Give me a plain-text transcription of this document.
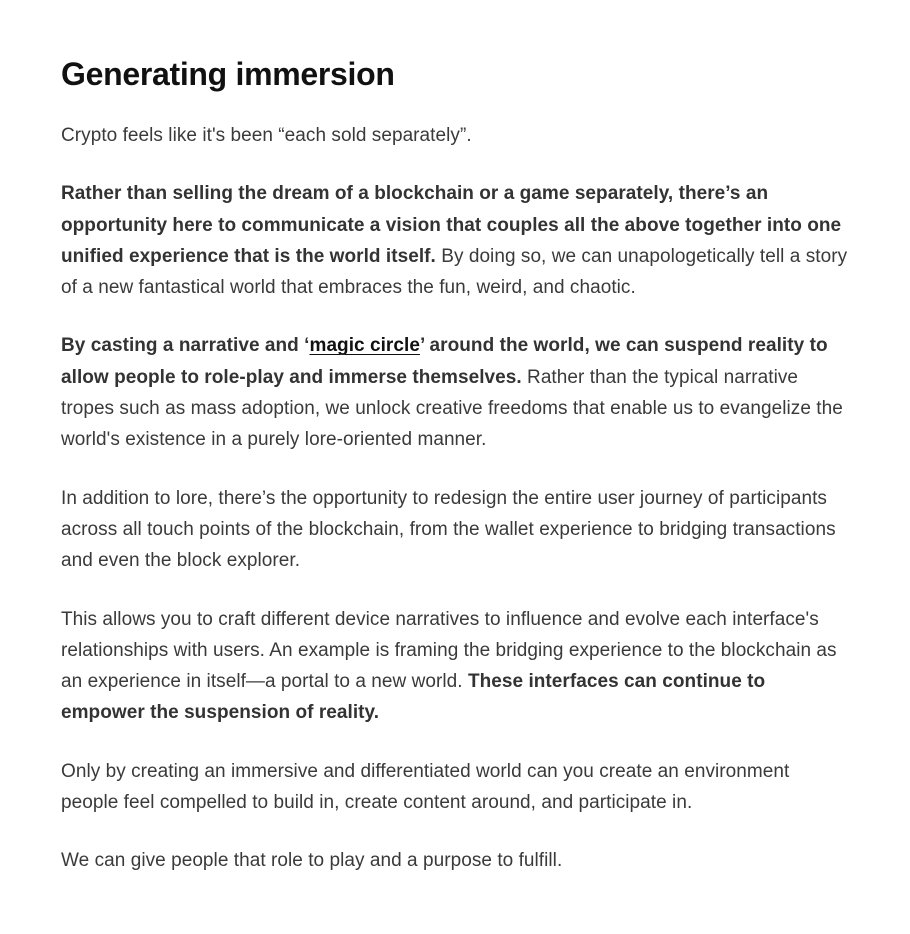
Generating immersion

Crypto feels like it's been “each sold separately”.

Rather than selling the dream of a blockchain or a game separately, there’s an opportunity here to communicate a vision that couples all the above together into one unified experience that is the world itself. By doing so, we can unapologetically tell a story of a new fantastical world that embraces the fun, weird, and chaotic.

By casting a narrative and ‘magic circle’ around the world, we can suspend reality to allow people to role-play and immerse themselves. Rather than the typical narrative tropes such as mass adoption, we unlock creative freedoms that enable us to evangelize the world's existence in a purely lore-oriented manner.

In addition to lore, there’s the opportunity to redesign the entire user journey of participants across all touch points of the blockchain, from the wallet experience to bridging transactions and even the block explorer.

This allows you to craft different device narratives to influence and evolve each interface's relationships with users. An example is framing the bridging experience to the blockchain as an experience in itself—a portal to a new world. These interfaces can continue to empower the suspension of reality.

Only by creating an immersive and differentiated world can you create an environment people feel compelled to build in, create content around, and participate in.

We can give people that role to play and a purpose to fulfill.
